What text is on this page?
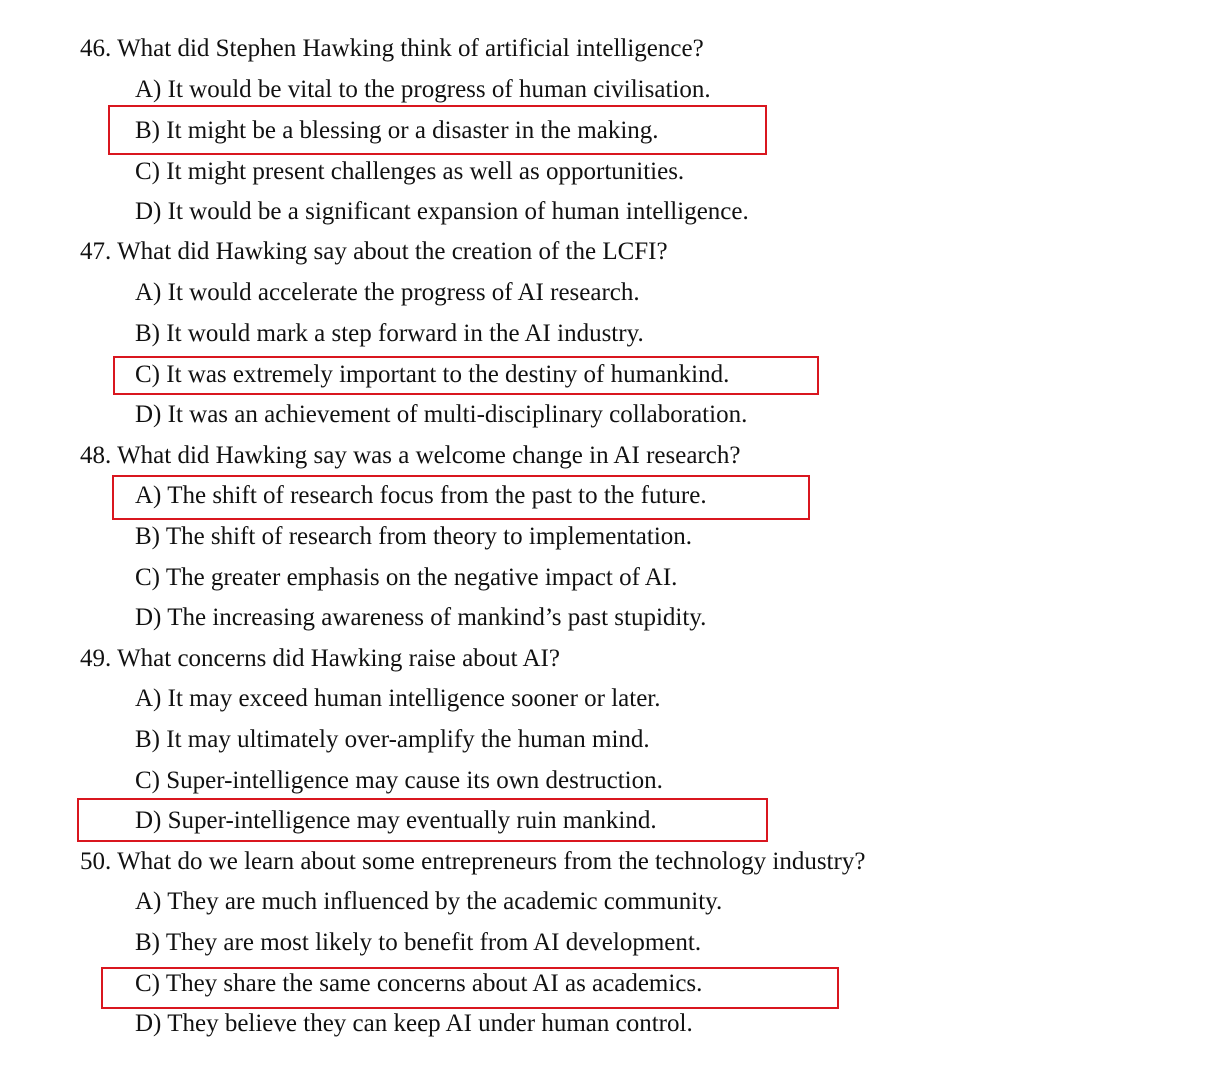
46. What did Stephen Hawking think of artificial intelligence?
A) It would be vital to the progress of human civilisation.
B) It might be a blessing or a disaster in the making.
C) It might present challenges as well as opportunities.
D) It would be a significant expansion of human intelligence.
47. What did Hawking say about the creation of the LCFI?
A) It would accelerate the progress of AI research.
B) It would mark a step forward in the AI industry.
C) It was extremely important to the destiny of humankind.
D) It was an achievement of multi-disciplinary collaboration.
48. What did Hawking say was a welcome change in AI research?
A) The shift of research focus from the past to the future.
B) The shift of research from theory to implementation.
C) The greater emphasis on the negative impact of AI.
D) The increasing awareness of mankind’s past stupidity.
49. What concerns did Hawking raise about AI?
A) It may exceed human intelligence sooner or later.
B) It may ultimately over-amplify the human mind.
C) Super-intelligence may cause its own destruction.
D) Super-intelligence may eventually ruin mankind.
50. What do we learn about some entrepreneurs from the technology industry?
A) They are much influenced by the academic community.
B) They are most likely to benefit from AI development.
C) They share the same concerns about AI as academics.
D) They believe they can keep AI under human control.
